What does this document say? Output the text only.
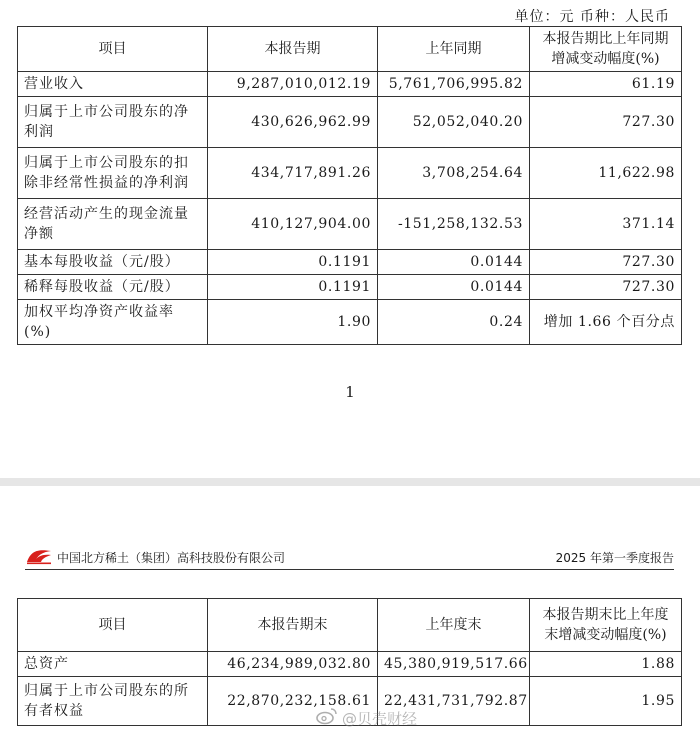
单位：元 币种：人民币
项目	本报告期	上年同期	本报告期比上年同期增减变动幅度(%)
营业收入	9,287,010,012.19	5,761,706,995.82	61.19
归属于上市公司股东的净利润	430,626,962.99	52,052,040.20	727.30
归属于上市公司股东的扣除非经常性损益的净利润	434,717,891.26	3,708,254.64	11,622.98
经营活动产生的现金流量净额	410,127,904.00	-151,258,132.53	371.14
基本每股收益（元/股）	0.1191	0.0144	727.30
稀释每股收益（元/股）	0.1191	0.0144	727.30
加权平均净资产收益率(%)	1.90	0.24	增加 1.66 个百分点
1
中国北方稀土（集团）高科技股份有限公司	2025 年第一季度报告
项目	本报告期末	上年度末	本报告期末比上年度末增减变动幅度(%)
总资产	46,234,989,032.80	45,380,919,517.66	1.88
归属于上市公司股东的所有者权益	22,870,232,158.61	22,431,731,792.87	1.95
@贝壳财经
